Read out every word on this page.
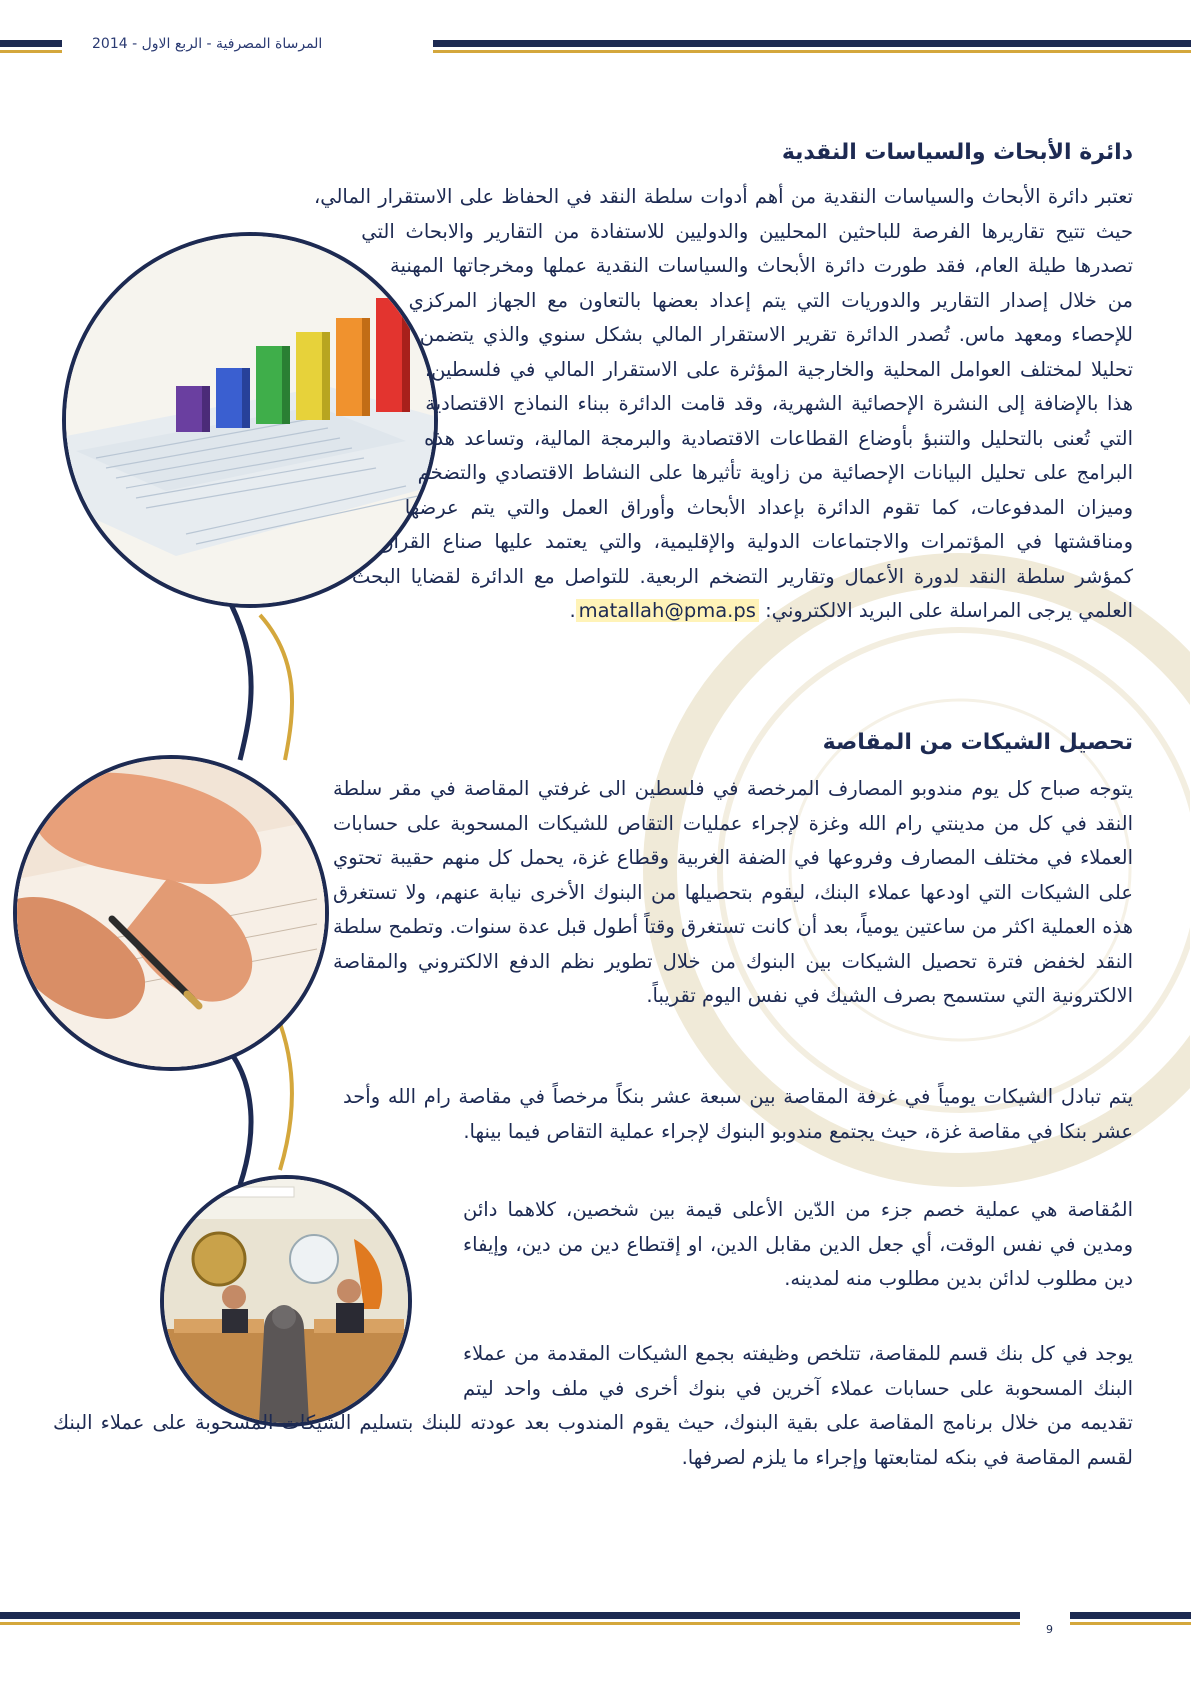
المرساة المصرفية - الربع الاول - 2014
دائرة الأبحاث والسياسات النقدية

تعتبر دائرة الأبحاث والسياسات النقدية من أهم أدوات سلطة النقد في الحفاظ على الاستقرار المالي، حيث تتيح تقاريرها الفرصة للباحثين المحليين والدوليين للاستفادة من التقارير والابحاث التي تصدرها طيلة العام، فقد طورت دائرة الأبحاث والسياسات النقدية عملها ومخرجاتها المهنية من خلال إصدار التقارير والدوريات التي يتم إعداد بعضها بالتعاون مع الجهاز المركزي للإحصاء ومعهد ماس. تُصدر الدائرة تقرير الاستقرار المالي بشكل سنوي والذي يتضمن تحليلا لمختلف العوامل المحلية والخارجية المؤثرة على الاستقرار المالي في فلسطين، هذا بالإضافة إلى النشرة الإحصائية الشهرية، وقد قامت الدائرة ببناء النماذج الاقتصادية التي تُعنى بالتحليل والتنبؤ بأوضاع القطاعات الاقتصادية والبرمجة المالية، وتساعد هذه البرامج على تحليل البيانات الإحصائية من زاوية تأثيرها على النشاط الاقتصادي والتضخم وميزان المدفوعات، كما تقوم الدائرة بإعداد الأبحاث وأوراق العمل والتي يتم عرضها ومناقشتها في المؤتمرات والاجتماعات الدولية والإقليمية، والتي يعتمد عليها صناع القرار كمؤشر سلطة النقد لدورة الأعمال وتقارير التضخم الربعية. للتواصل مع الدائرة لقضايا البحث العلمي يرجى المراسلة على البريد الالكتروني: matallah@pma.ps.

تحصيل الشيكات من المقاصة

يتوجه صباح كل يوم مندوبو المصارف المرخصة في فلسطين الى غرفتي المقاصة في مقر سلطة النقد في كل من مدينتي رام الله وغزة لإجراء عمليات التقاص للشيكات المسحوبة على حسابات العملاء في مختلف المصارف وفروعها في الضفة الغربية وقطاع غزة، يحمل كل منهم حقيبة تحتوي على الشيكات التي اودعها عملاء البنك، ليقوم بتحصيلها من البنوك الأخرى نيابة عنهم، ولا تستغرق هذه العملية اكثر من ساعتين يومياً، بعد أن كانت تستغرق وقتاً أطول قبل عدة سنوات. وتطمح سلطة النقد لخفض فترة تحصيل الشيكات بين البنوك من خلال تطوير نظم الدفع الالكتروني والمقاصة الالكترونية التي ستسمح بصرف الشيك في نفس اليوم تقريباً.

يتم تبادل الشيكات يومياً في غرفة المقاصة بين سبعة عشر بنكاً مرخصاً في مقاصة رام الله وأحد عشر بنكا في مقاصة غزة، حيث يجتمع مندوبو البنوك لإجراء عملية التقاص فيما بينها.

المُقاصة هي عملية خصم جزء من الدّين الأعلى قيمة بين شخصين، كلاهما دائن ومدين في نفس الوقت، أي جعل الدين مقابل الدين، او إقتطاع دين من دين، وإيفاء دين مطلوب لدائن بدين مطلوب منه لمدينه.

يوجد في كل بنك قسم للمقاصة، تتلخص وظيفته بجمع الشيكات المقدمة من عملاء البنك المسحوبة على حسابات عملاء آخرين في بنوك أخرى في ملف واحد ليتم تقديمه من خلال برنامج المقاصة على بقية البنوك، حيث يقوم المندوب بعد عودته للبنك بتسليم الشيكات المسحوبة على عملاء البنك لقسم المقاصة في بنكه لمتابعتها وإجراء ما يلزم لصرفها.

9
